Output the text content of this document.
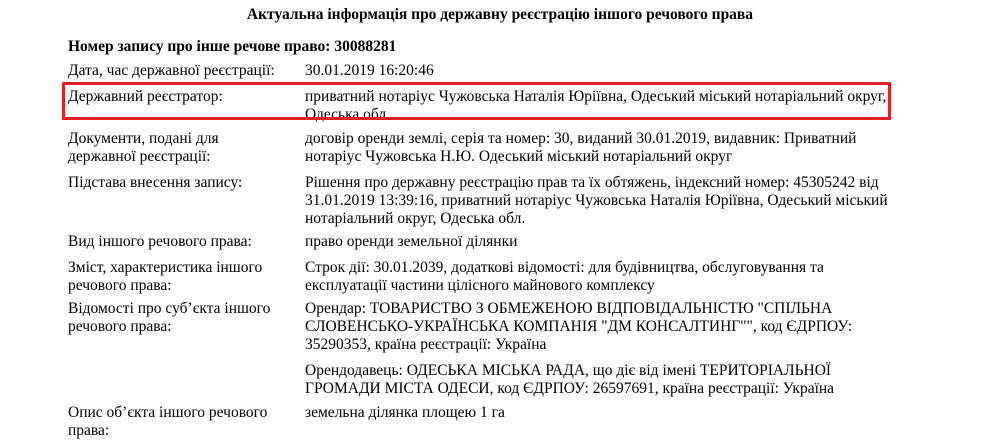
Актуальна інформація про державну реєстрацію іншого речового права
Номер запису про інше речове право: 30088281
Дата, час державної реєстрації:	30.01.2019 16:20:46
Державний реєстратор:	приватний нотаріус Чужовська Наталія Юріївна, Одеський міський нотаріальний округ, Одеська обл.
Документи, подані для державної реєстрації:
договір оренди землі, серія та номер: 30, виданий 30.01.2019, видавник: Приватний нотаріус Чужовська Н.Ю. Одеський міський нотаріальний округ
Підстава внесення запису:	Рішення про державну реєстрацію прав та їх обтяжень, індексний номер: 45305242 від 31.01.2019 13:39:16, приватний нотаріус Чужовська Наталія Юріївна, Одеський міський нотаріальний округ, Одеська обл.
Вид іншого речового права:	право оренди земельної ділянки
Зміст, характеристика іншого речового права:
Строк дії: 30.01.2039, додаткові відомості: для будівництва, обслуговування та експлуатації частини цілісного майнового комплексу
Відомості про суб’єкта іншого речового права:

Орендар: ТОВАРИСТВО З ОБМЕЖЕНОЮ ВІДПОВІДАЛЬНІСТЮ "СПІЛЬНА СЛОВЕНСЬКО-УКРАЇНСЬКА КОМПАНІЯ "ДМ КОНСАЛТИНГ"", код ЄДРПОУ: 35290353, країна реєстрації: Україна

Орендодавець: ОДЕСЬКА МІСЬКА РАДА, що діє від імені ТЕРИТОРІАЛЬНОЇ ГРОМАДИ МІСТА ОДЕСИ, код ЄДРПОУ: 26597691, країна реєстрації: Україна

Опис об’єкта іншого речового права:
земельна ділянка площею 1 га
